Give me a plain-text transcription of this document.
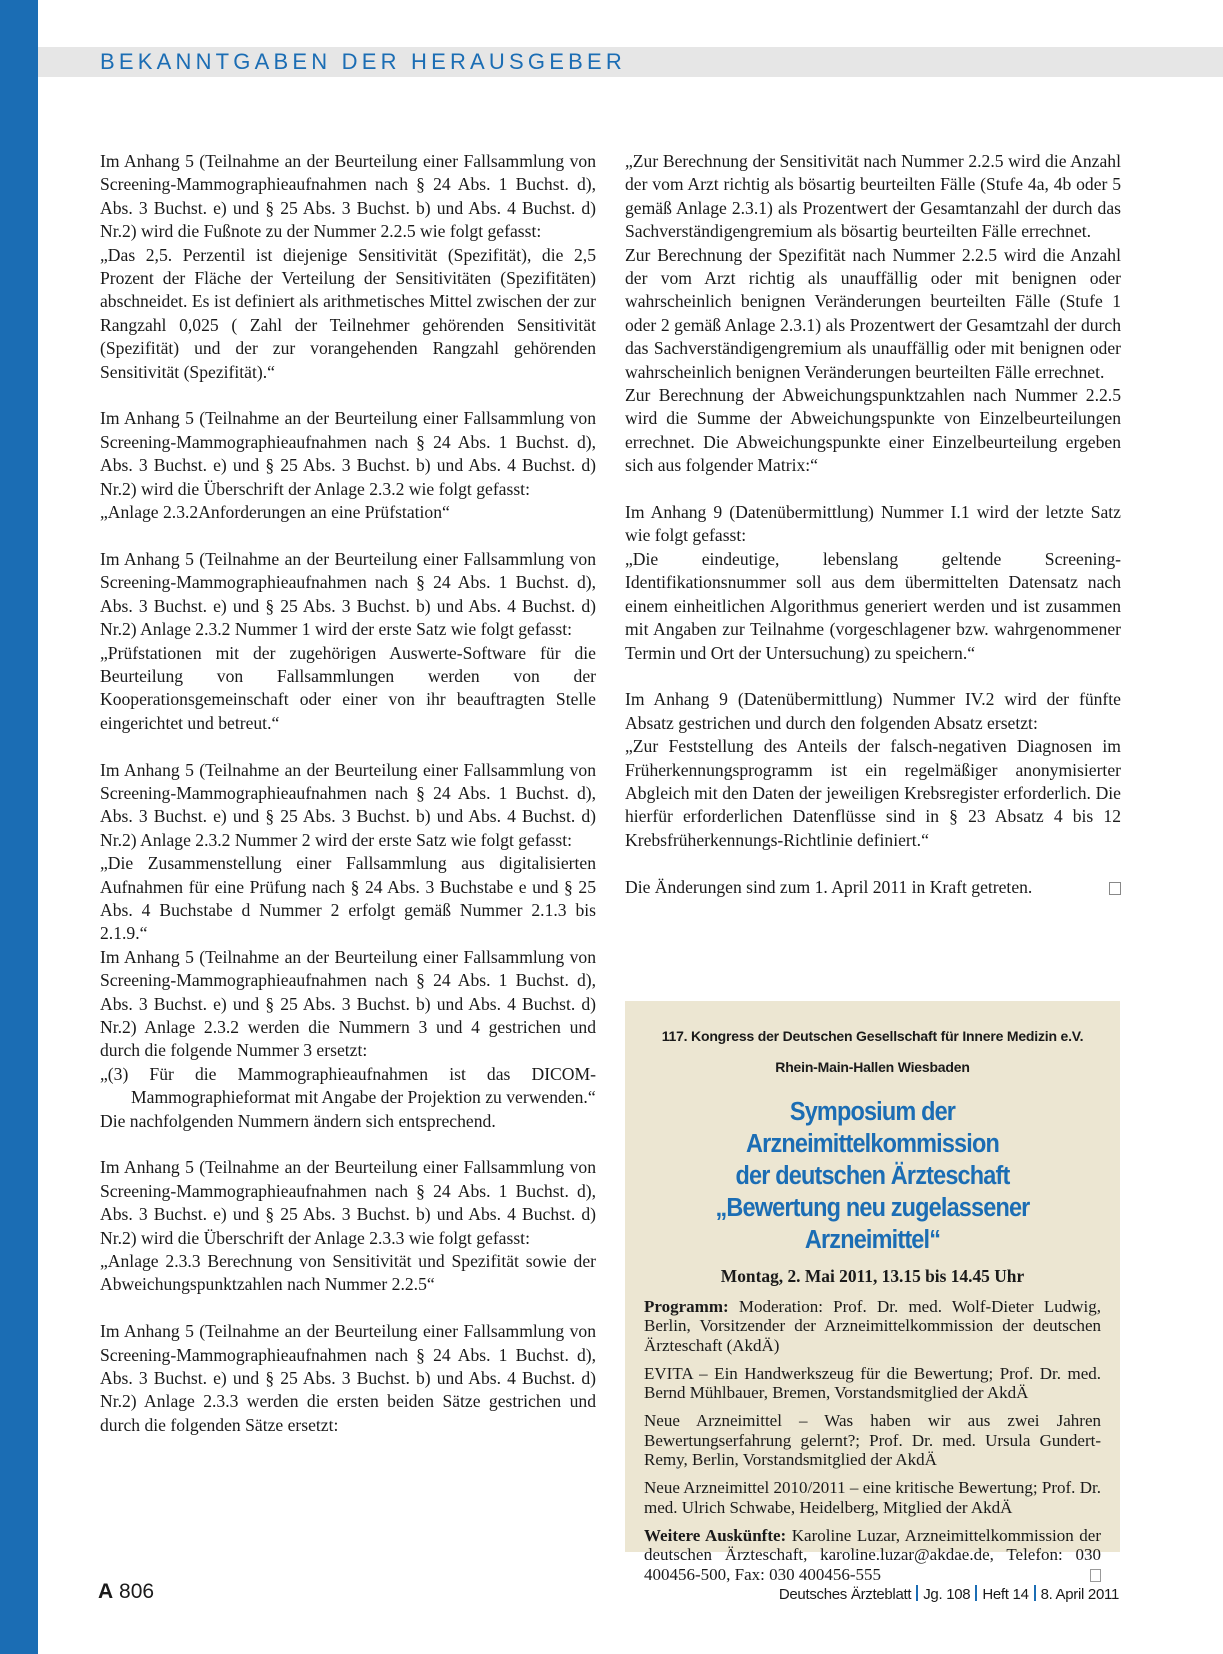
BEKANNTGABEN DER HERAUSGEBER

Im Anhang 5 (Teilnahme an der Beurteilung einer Fallsammlung von Screening-Mammographieaufnahmen nach § 24 Abs. 1 Buchst. d), Abs. 3 Buchst. e) und § 25 Abs. 3 Buchst. b) und Abs. 4 Buchst. d) Nr.2) wird die Fußnote zu der Nummer 2.2.5 wie folgt gefasst:

„Das 2,5. Perzentil ist diejenige Sensitivität (Spezifität), die 2,5 Prozent der Fläche der Verteilung der Sensitivitäten (Spezifitäten) abschneidet. Es ist definiert als arithmetisches Mittel zwischen der zur Rangzahl 0,025 ( Zahl der Teilnehmer gehörenden Sensitivität (Spezifität) und der zur vorangehenden Rangzahl gehörenden Sensitivität (Spezifität).“

Im Anhang 5 (Teilnahme an der Beurteilung einer Fallsammlung von Screening-Mammographieaufnahmen nach § 24 Abs. 1 Buchst. d), Abs. 3 Buchst. e) und § 25 Abs. 3 Buchst. b) und Abs. 4 Buchst. d) Nr.2) wird die Überschrift der Anlage 2.3.2 wie folgt gefasst:

„Anlage 2.3.2Anforderungen an eine Prüfstation“

Im Anhang 5 (Teilnahme an der Beurteilung einer Fallsammlung von Screening-Mammographieaufnahmen nach § 24 Abs. 1 Buchst. d), Abs. 3 Buchst. e) und § 25 Abs. 3 Buchst. b) und Abs. 4 Buchst. d) Nr.2) Anlage 2.3.2 Nummer 1 wird der erste Satz wie folgt gefasst:

„Prüfstationen mit der zugehörigen Auswerte-Software für die Beurteilung von Fallsammlungen werden von der Kooperationsgemeinschaft oder einer von ihr beauftragten Stelle eingerichtet und betreut.“

Im Anhang 5 (Teilnahme an der Beurteilung einer Fallsammlung von Screening-Mammographieaufnahmen nach § 24 Abs. 1 Buchst. d), Abs. 3 Buchst. e) und § 25 Abs. 3 Buchst. b) und Abs. 4 Buchst. d) Nr.2) Anlage 2.3.2 Nummer 2 wird der erste Satz wie folgt gefasst:

„Die Zusammenstellung einer Fallsammlung aus digitalisierten Aufnahmen für eine Prüfung nach § 24 Abs. 3 Buchstabe e und § 25 Abs. 4 Buchstabe d Nummer 2 erfolgt gemäß Nummer 2.1.3 bis 2.1.9.“

Im Anhang 5 (Teilnahme an der Beurteilung einer Fallsammlung von Screening-Mammographieaufnahmen nach § 24 Abs. 1 Buchst. d), Abs. 3 Buchst. e) und § 25 Abs. 3 Buchst. b) und Abs. 4 Buchst. d) Nr.2) Anlage 2.3.2 werden die Nummern 3 und 4 gestrichen und durch die folgende Nummer 3 ersetzt:

„(3) Für die Mammographieaufnahmen ist das DICOM-Mammographieformat mit Angabe der Projektion zu verwenden.“

Die nachfolgenden Nummern ändern sich entsprechend.

Im Anhang 5 (Teilnahme an der Beurteilung einer Fallsammlung von Screening-Mammographieaufnahmen nach § 24 Abs. 1 Buchst. d), Abs. 3 Buchst. e) und § 25 Abs. 3 Buchst. b) und Abs. 4 Buchst. d) Nr.2) wird die Überschrift der Anlage 2.3.3 wie folgt gefasst:

„Anlage 2.3.3 Berechnung von Sensitivität und Spezifität sowie der Abweichungspunktzahlen nach Nummer 2.2.5“

Im Anhang 5 (Teilnahme an der Beurteilung einer Fallsammlung von Screening-Mammographieaufnahmen nach § 24 Abs. 1 Buchst. d), Abs. 3 Buchst. e) und § 25 Abs. 3 Buchst. b) und Abs. 4 Buchst. d) Nr.2) Anlage 2.3.3 werden die ersten beiden Sätze gestrichen und durch die folgenden Sätze ersetzt:

„Zur Berechnung der Sensitivität nach Nummer 2.2.5 wird die Anzahl der vom Arzt richtig als bösartig beurteilten Fälle (Stufe 4a, 4b oder 5 gemäß Anlage 2.3.1) als Prozentwert der Gesamtanzahl der durch das Sachverständigengremium als bösartig beurteilten Fälle errechnet.

Zur Berechnung der Spezifität nach Nummer 2.2.5 wird die Anzahl der vom Arzt richtig als unauffällig oder mit benignen oder wahrscheinlich benignen Veränderungen beurteilten Fälle (Stufe 1 oder 2 gemäß Anlage 2.3.1) als Prozentwert der Gesamtzahl der durch das Sachverständigengremium als unauffällig oder mit benignen oder wahrscheinlich benignen Veränderungen beurteilten Fälle errechnet.

Zur Berechnung der Abweichungspunktzahlen nach Nummer 2.2.5 wird die Summe der Abweichungspunkte von Einzelbeurteilungen errechnet. Die Abweichungspunkte einer Einzelbeurteilung ergeben sich aus folgender Matrix:“

Im Anhang 9 (Datenübermittlung) Nummer I.1 wird der letzte Satz wie folgt gefasst:

„Die eindeutige, lebenslang geltende Screening-Identifikationsnummer soll aus dem übermittelten Datensatz nach einem einheitlichen Algorithmus generiert werden und ist zusammen mit Angaben zur Teilnahme (vorgeschlagener bzw. wahrgenommener Termin und Ort der Untersuchung) zu speichern.“

Im Anhang 9 (Datenübermittlung) Nummer IV.2 wird der fünfte Absatz gestrichen und durch den folgenden Absatz ersetzt:

„Zur Feststellung des Anteils der falsch-negativen Diagnosen im Früherkennungsprogramm ist ein regelmäßiger anonymisierter Abgleich mit den Daten der jeweiligen Krebsregister erforderlich. Die hierfür erforderlichen Datenflüsse sind in § 23 Absatz 4 bis 12 Krebsfrüherkennungs-Richtlinie definiert.“

Die Änderungen sind zum 1. April 2011 in Kraft getreten.

117. Kongress der Deutschen Gesellschaft für Innere Medizin e.V.
Rhein-Main-Hallen Wiesbaden
Symposium der Arzneimittelkommission
der deutschen Ärzteschaft
„Bewertung neu zugelassener Arzneimittel“
Montag, 2. Mai 2011, 13.15 bis 14.45 Uhr
Programm: Moderation: Prof. Dr. med. Wolf-Dieter Ludwig, Berlin, Vorsitzender der Arzneimittelkommission der deutschen Ärzteschaft (AkdÄ)
EVITA – Ein Handwerkszeug für die Bewertung; Prof. Dr. med. Bernd Mühlbauer, Bremen, Vorstandsmitglied der AkdÄ
Neue Arzneimittel – Was haben wir aus zwei Jahren Bewertungserfahrung gelernt?; Prof. Dr. med. Ursula Gundert-Remy, Berlin, Vorstandsmitglied der AkdÄ
Neue Arzneimittel 2010/2011 – eine kritische Bewertung; Prof. Dr. med. Ulrich Schwabe, Heidelberg, Mitglied der AkdÄ
Weitere Auskünfte: Karoline Luzar, Arzneimittelkommission der deutschen Ärzteschaft, karoline.luzar@akdae.de, Telefon: 030 400456-500, Fax: 030 400456-555
A 806	Deutsches Ärzteblatt Jg. 108 Heft 14 8. April 2011
